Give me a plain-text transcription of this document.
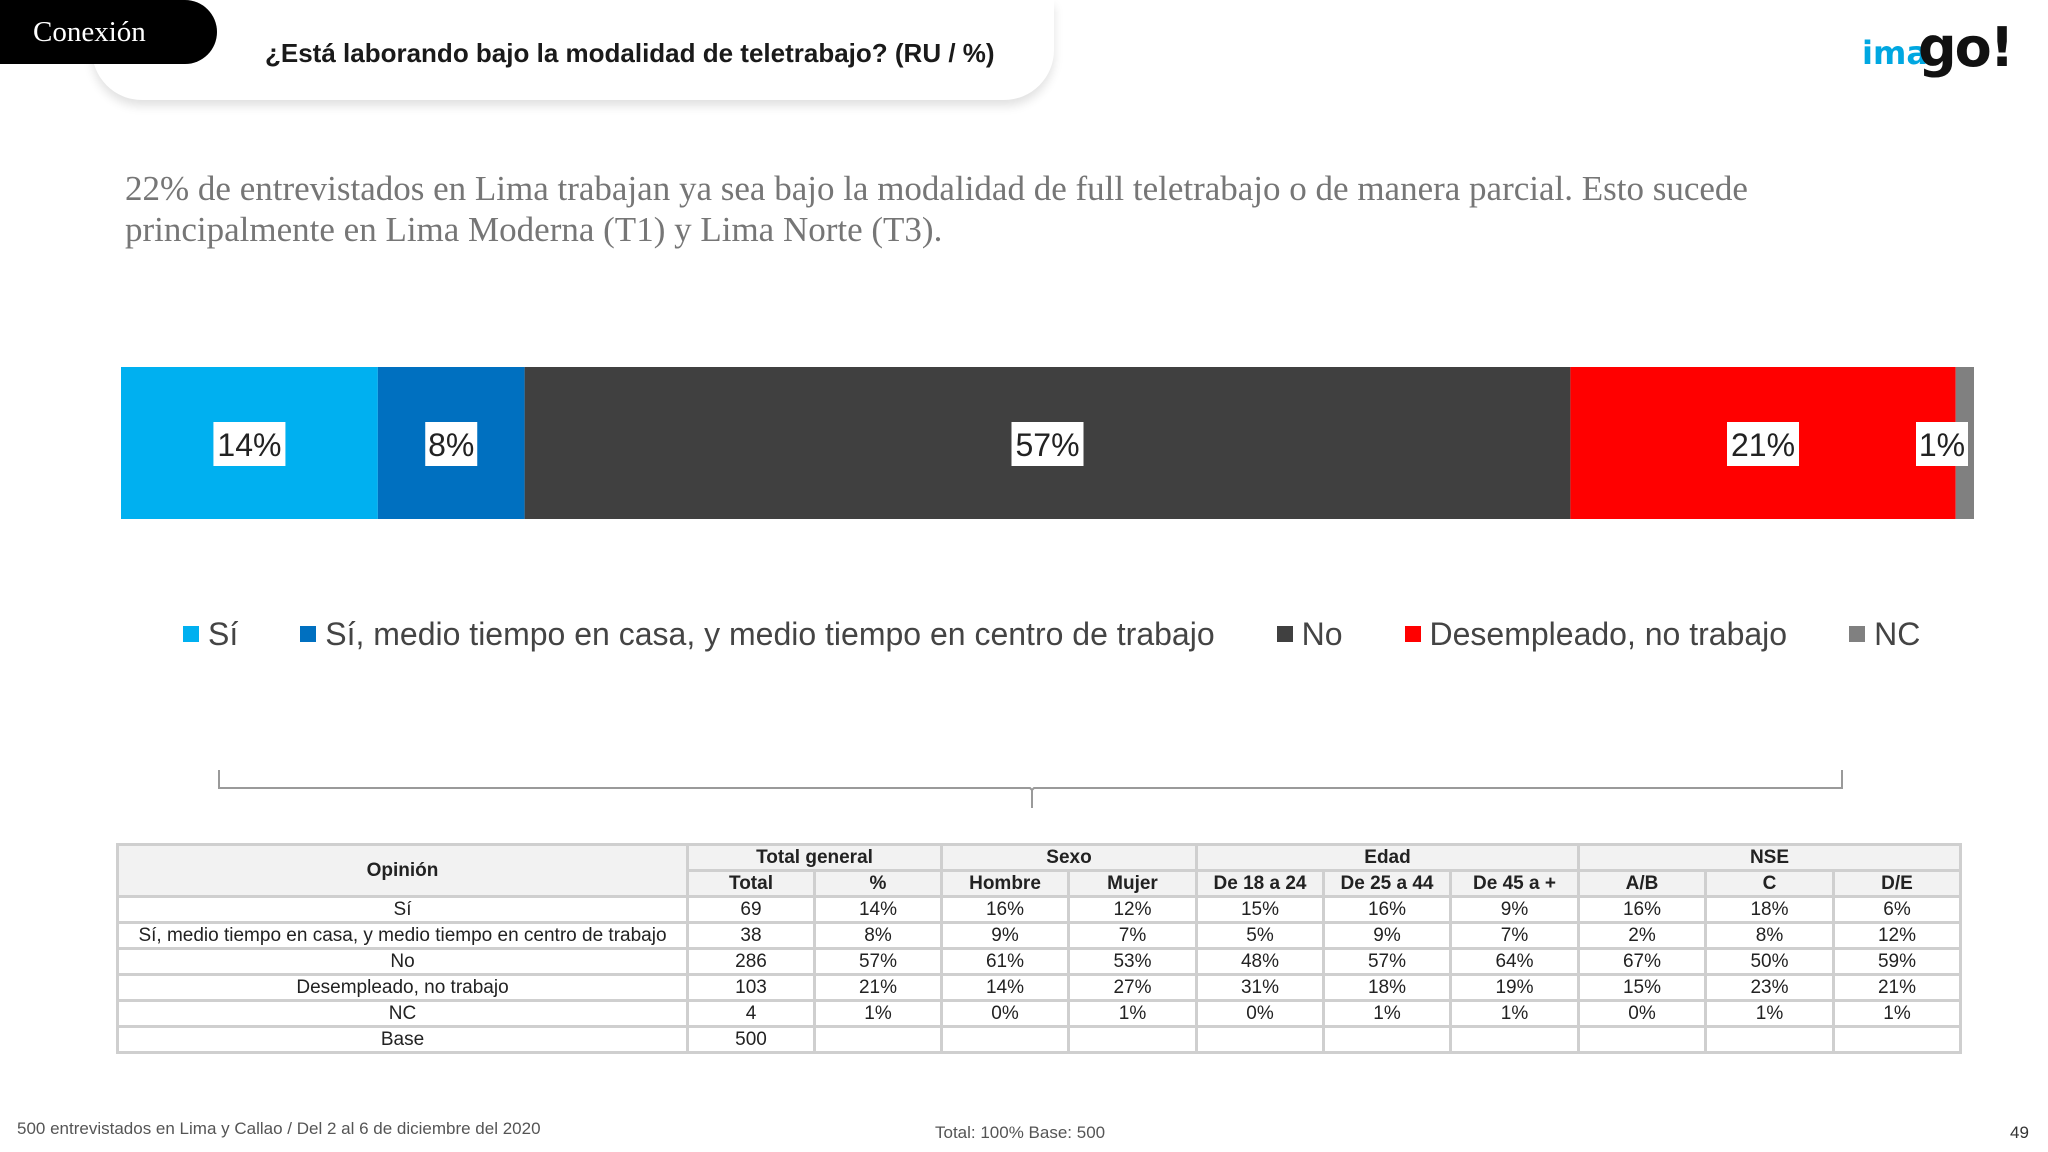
Conexión
¿Está laborando bajo la modalidad de teletrabajo? (RU / %)	ima
go!
22% de entrevistados en Lima trabajan ya sea bajo la modalidad de full teletrabajo o de manera parcial. Esto sucede principalmente en Lima Moderna (T1) y Lima Norte (T3).
14%	8%	57%	21%	1%
Sí	Sí, medio tiempo en casa, y medio tiempo en centro de trabajo	No	Desempleado, no trabajo	NC
Opinión	Total general		Sexo		Edad			NSE		
	Total	%	Hombre	Mujer	De 18 a 24	De 25 a 44	De 45 a +	A/B	C	D/E
Sí	69	14%	16%	12%	15%	16%	9%	16%	18%	6%
Sí, medio tiempo en casa, y medio tiempo en centro de trabajo	38	8%	9%	7%	5%	9%	7%	2%	8%	12%
No	286	57%	61%	53%	48%	57%	64%	67%	50%	59%
Desempleado, no trabajo	103	21%	14%	27%	31%	18%	19%	15%	23%	21%
NC	4	1%	0%	1%	0%	1%	1%	0%	1%	1%
Base	500									
500 entrevistados en Lima y Callao / Del 2 al 6 de diciembre del 2020	Total: 100% Base: 500	49
